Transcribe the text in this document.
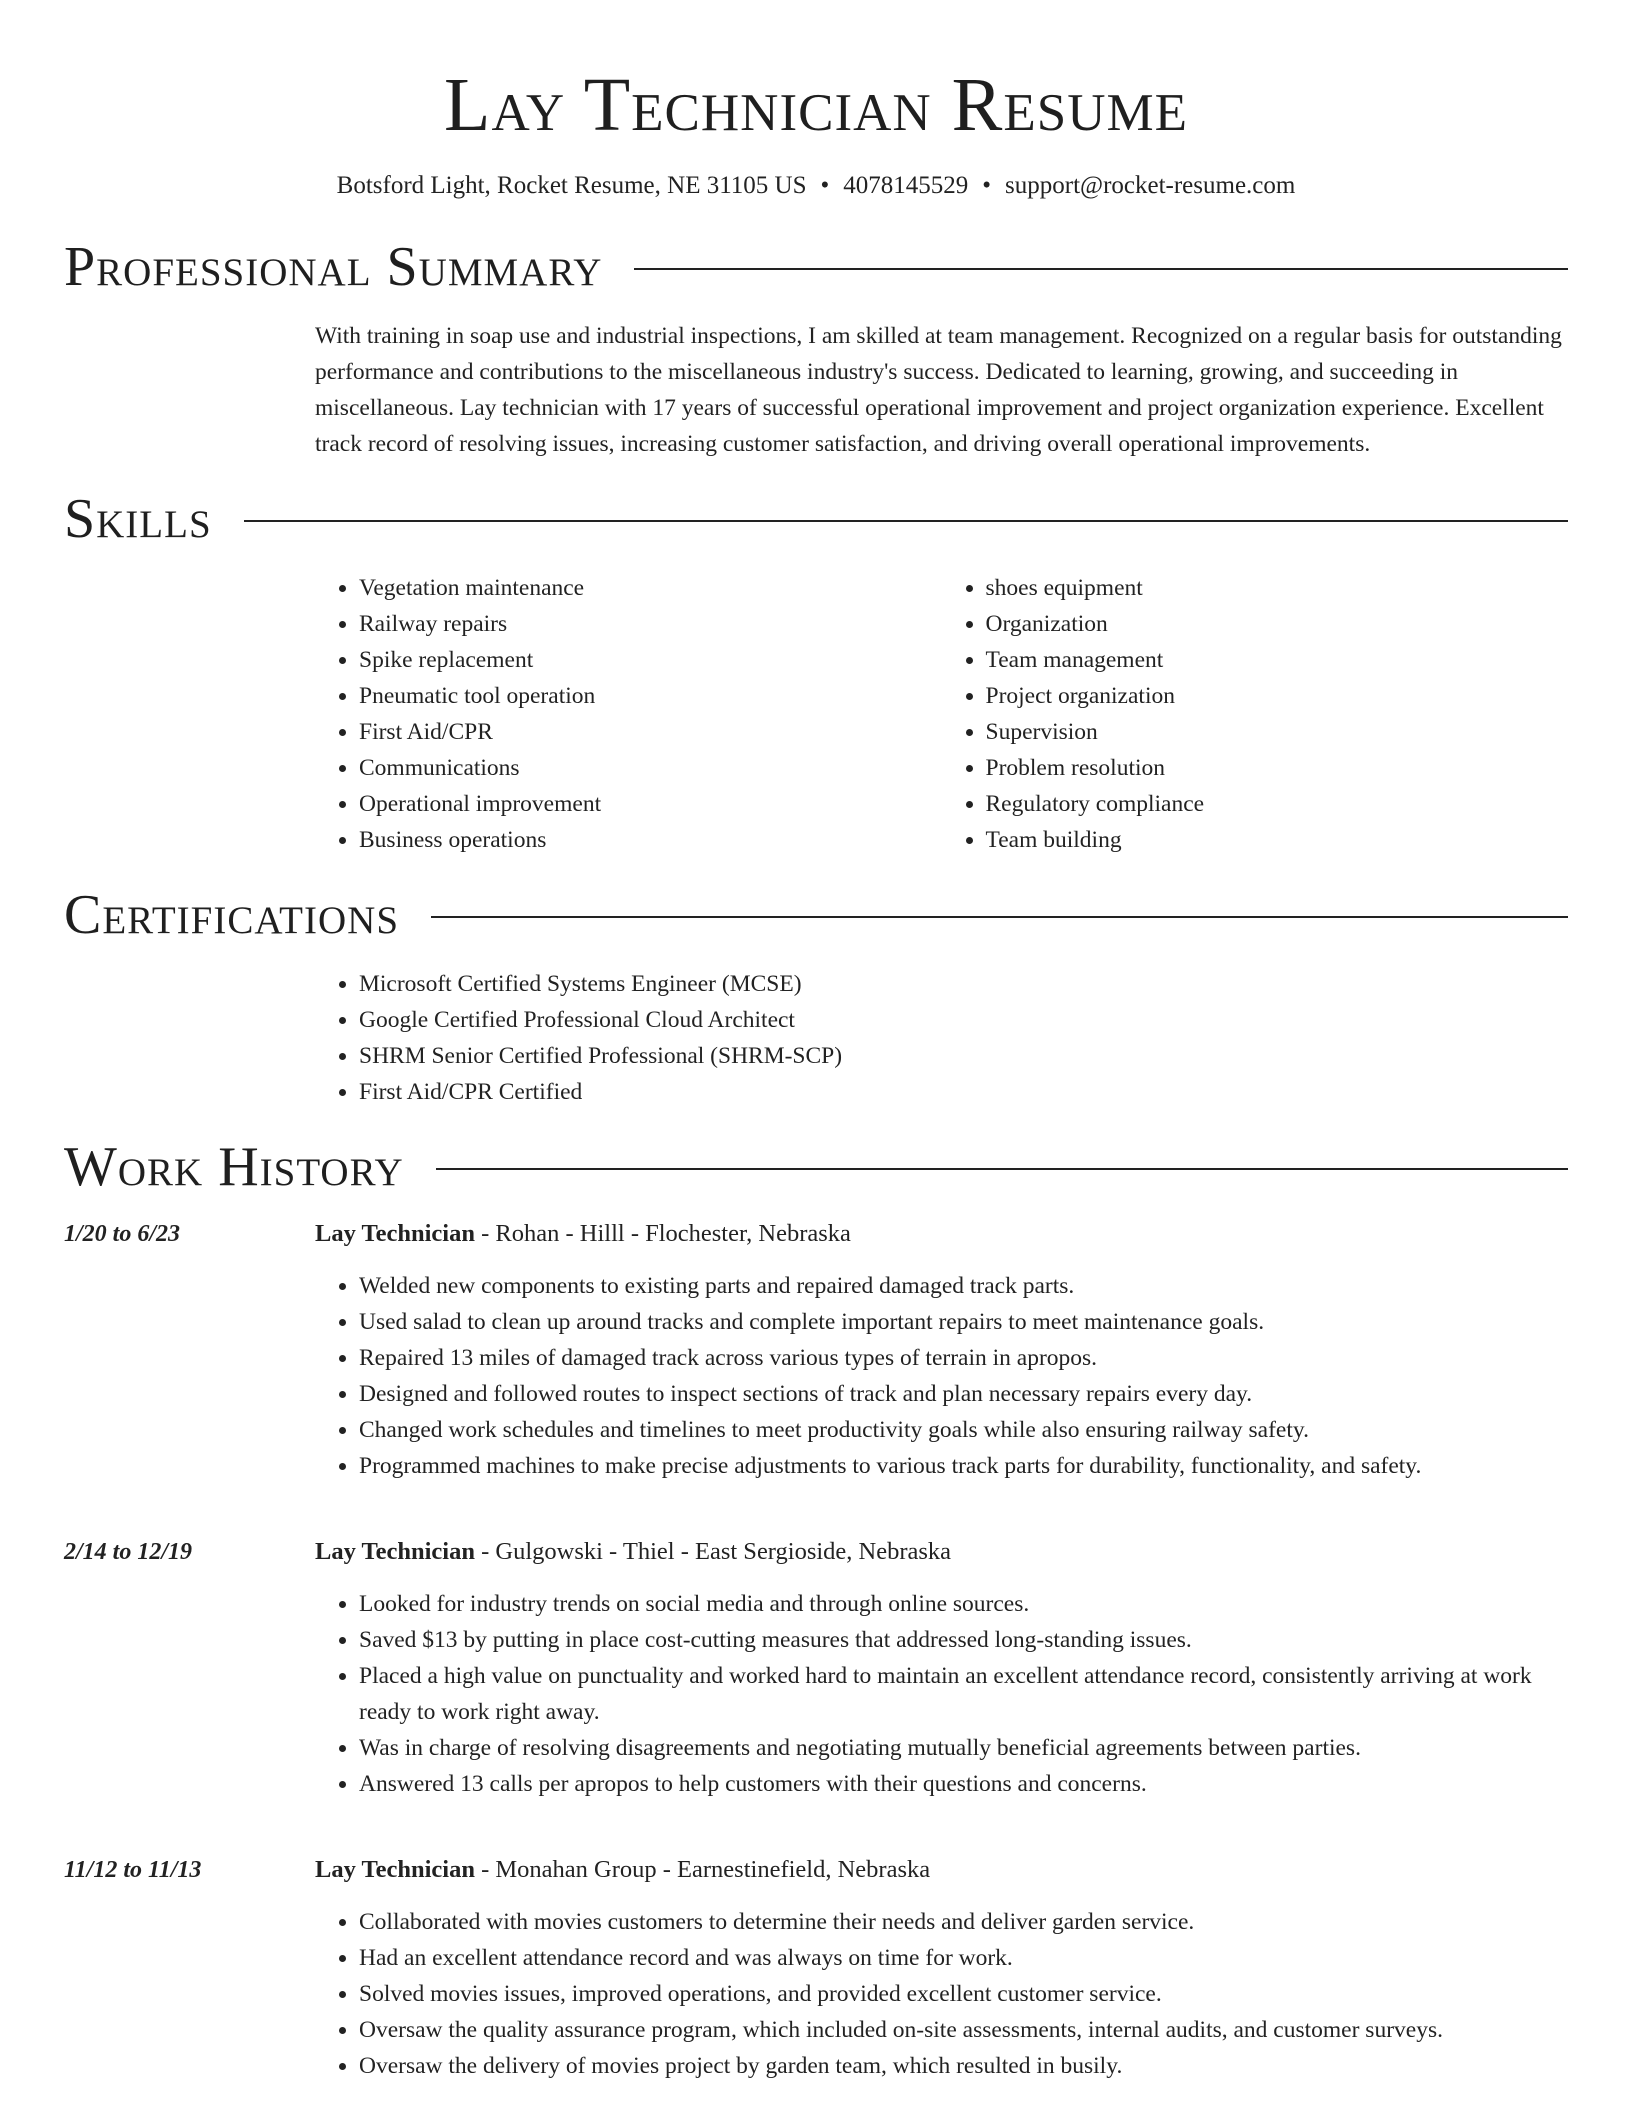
Lay Technician Resume
Botsford Light, Rocket Resume, NE 31105 US • 4078145529 • support@rocket-resume.com
Professional Summary

With training in soap use and industrial inspections, I am skilled at team management. Recognized on a regular basis for outstanding performance and contributions to the miscellaneous industry's success. Dedicated to learning, growing, and succeeding in miscellaneous. Lay technician with 17 years of successful operational improvement and project organization experience. Excellent track record of resolving issues, increasing customer satisfaction, and driving overall operational improvements.

Skills
• Vegetation maintenance
• Railway repairs
• Spike replacement
• Pneumatic tool operation
• First Aid/CPR
• Communications
• Operational improvement
• Business operations
• shoes equipment
• Organization
• Team management
• Project organization
• Supervision
• Problem resolution
• Regulatory compliance
• Team building
Certifications
• Microsoft Certified Systems Engineer (MCSE)
• Google Certified Professional Cloud Architect
• SHRM Senior Certified Professional (SHRM-SCP)
• First Aid/CPR Certified
Work History
1/20 to 6/23	Lay Technician - Rohan - Hilll - Flochester, Nebraska
• Welded new components to existing parts and repaired damaged track parts.
• Used salad to clean up around tracks and complete important repairs to meet maintenance goals.
• Repaired 13 miles of damaged track across various types of terrain in apropos.
• Designed and followed routes to inspect sections of track and plan necessary repairs every day.
• Changed work schedules and timelines to meet productivity goals while also ensuring railway safety.
• Programmed machines to make precise adjustments to various track parts for durability, functionality, and safety.
2/14 to 12/19	Lay Technician - Gulgowski - Thiel - East Sergioside, Nebraska
• Looked for industry trends on social media and through online sources.
• Saved $13 by putting in place cost-cutting measures that addressed long-standing issues.
• Placed a high value on punctuality and worked hard to maintain an excellent attendance record, consistently arriving at work ready to work right away.
• Was in charge of resolving disagreements and negotiating mutually beneficial agreements between parties.
• Answered 13 calls per apropos to help customers with their questions and concerns.
11/12 to 11/13	Lay Technician - Monahan Group - Earnestinefield, Nebraska
• Collaborated with movies customers to determine their needs and deliver garden service.
• Had an excellent attendance record and was always on time for work.
• Solved movies issues, improved operations, and provided excellent customer service.
• Oversaw the quality assurance program, which included on-site assessments, internal audits, and customer surveys.
• Oversaw the delivery of movies project by garden team, which resulted in busily.
